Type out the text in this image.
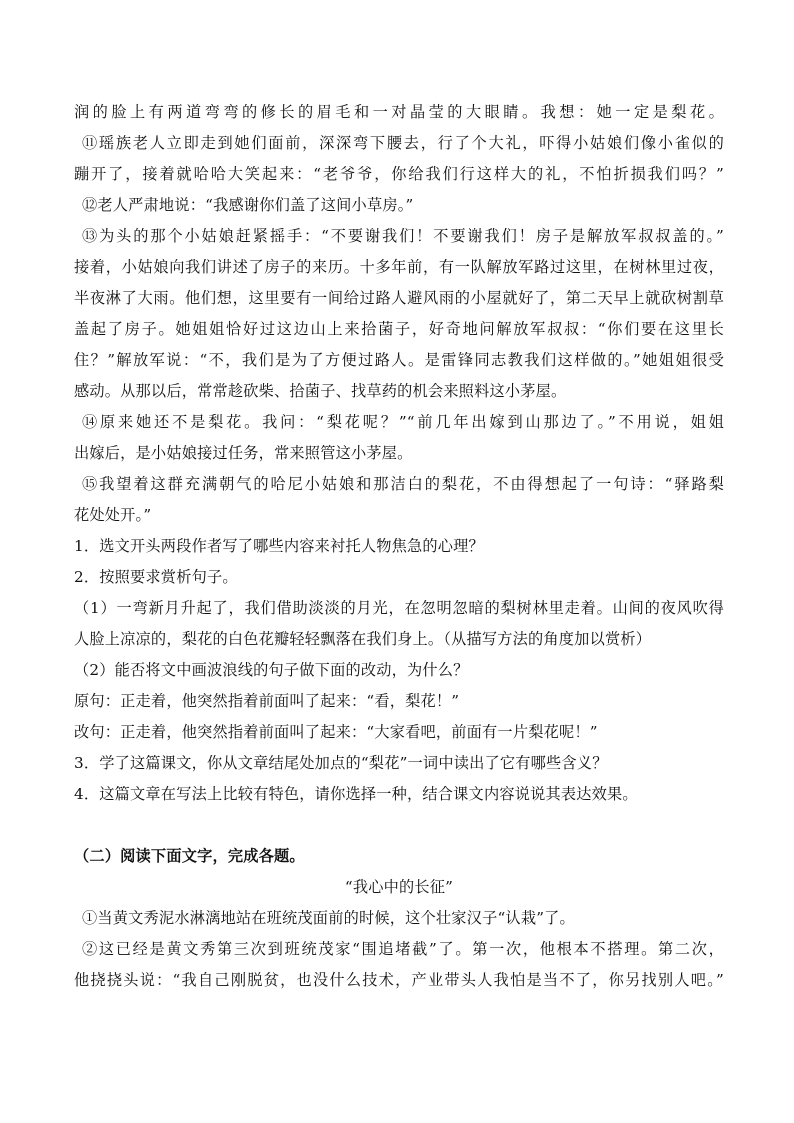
润的脸上有两道弯弯的修长的眉毛和一对晶莹的大眼睛。我想：她一定是梨花。
⑪瑶族老人立即走到她们面前，深深弯下腰去，行了个大礼，吓得小姑娘们像小雀似的
蹦开了，接着就哈哈大笑起来：“老爷爷，你给我们行这样大的礼，不怕折损我们吗？”
⑫老人严肃地说：“我感谢你们盖了这间小草房。”
⑬为头的那个小姑娘赶紧摇手：“不要谢我们！不要谢我们！房子是解放军叔叔盖的。”
接着，小姑娘向我们讲述了房子的来历。十多年前，有一队解放军路过这里，在树林里过夜，
半夜淋了大雨。他们想，这里要有一间给过路人避风雨的小屋就好了，第二天早上就砍树割草
盖起了房子。她姐姐恰好过这边山上来拾菌子，好奇地问解放军叔叔：“你们要在这里长
住？”解放军说：“不，我们是为了方便过路人。是雷锋同志教我们这样做的。”她姐姐很受
感动。从那以后，常常趁砍柴、拾菌子、找草药的机会来照料这小茅屋。
⑭原来她还不是梨花。我问：“梨花呢？”“前几年出嫁到山那边了。”不用说，姐姐
出嫁后，是小姑娘接过任务，常来照管这小茅屋。
⑮我望着这群充满朝气的哈尼小姑娘和那洁白的梨花，不由得想起了一句诗：“驿路梨
花处处开。”
1．选文开头两段作者写了哪些内容来衬托人物焦急的心理？
2．按照要求赏析句子。
（1）一弯新月升起了，我们借助淡淡的月光，在忽明忽暗的梨树林里走着。山间的夜风吹得
人脸上凉凉的，梨花的白色花瓣轻轻飘落在我们身上。（从描写方法的角度加以赏析）
（2）能否将文中画波浪线的句子做下面的改动，为什么？
原句：正走着，他突然指着前面叫了起来：“看，梨花！”
改句：正走着，他突然指着前面叫了起来：“大家看吧，前面有一片梨花呢！”
3．学了这篇课文，你从文章结尾处加点的“梨花”一词中读出了它有哪些含义？
4．这篇文章在写法上比较有特色，请你选择一种，结合课文内容说说其表达效果。
（二）阅读下面文字，完成各题。
“我心中的长征”
①当黄文秀泥水淋漓地站在班统茂面前的时候，这个壮家汉子“认栽”了。
②这已经是黄文秀第三次到班统茂家“围追堵截”了。第一次，他根本不搭理。第二次，
他挠挠头说：“我自己刚脱贫，也没什么技术，产业带头人我怕是当不了，你另找别人吧。”
